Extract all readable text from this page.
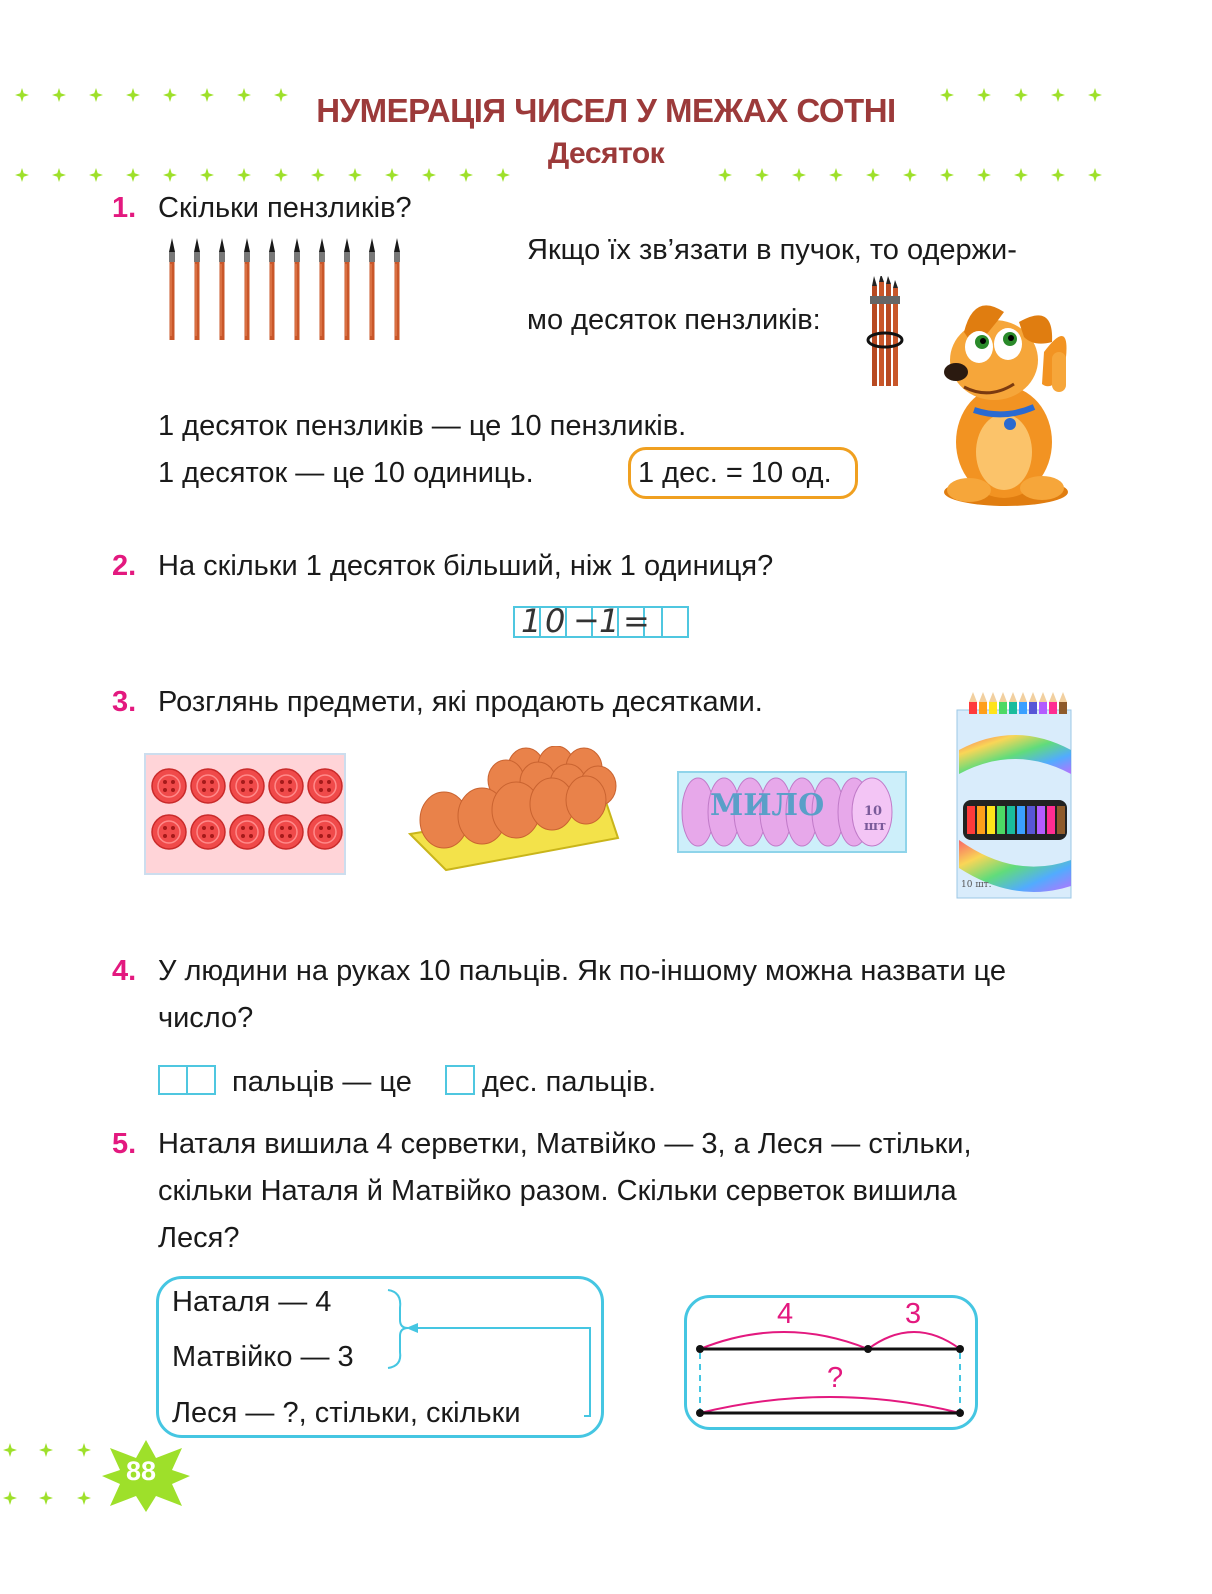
НУМЕРАЦІЯ ЧИСЕЛ У МЕЖАХ СОТНІ
Десяток
1. Скільки пензликів?
Якщо їх зв’язати в пучок, то одержи-
мо десяток пензликів:
1 десяток пензликів — це 10 пензликів.
1 десяток — це 10 одиниць.	1 дес. = 10 од.
2. На скільки 1 десяток більший, ніж 1 одиниця?
1 0 − 1 =
3. Розглянь предмети, які продають десятками.
МИЛО	10 шт
10 шт.
4. У людини на руках 10 пальців. Як по-іншому можна назвати це
число?
пальців — це дес. пальців.
5. Наталя вишила 4 серветки, Матвійко — 3, а Леся — стільки,
скільки Наталя й Матвійко разом. Скільки серветок вишила
Леся?
Наталя — 4
Матвійко — 3
Леся — ?, стільки, скільки
4	3
?
88
